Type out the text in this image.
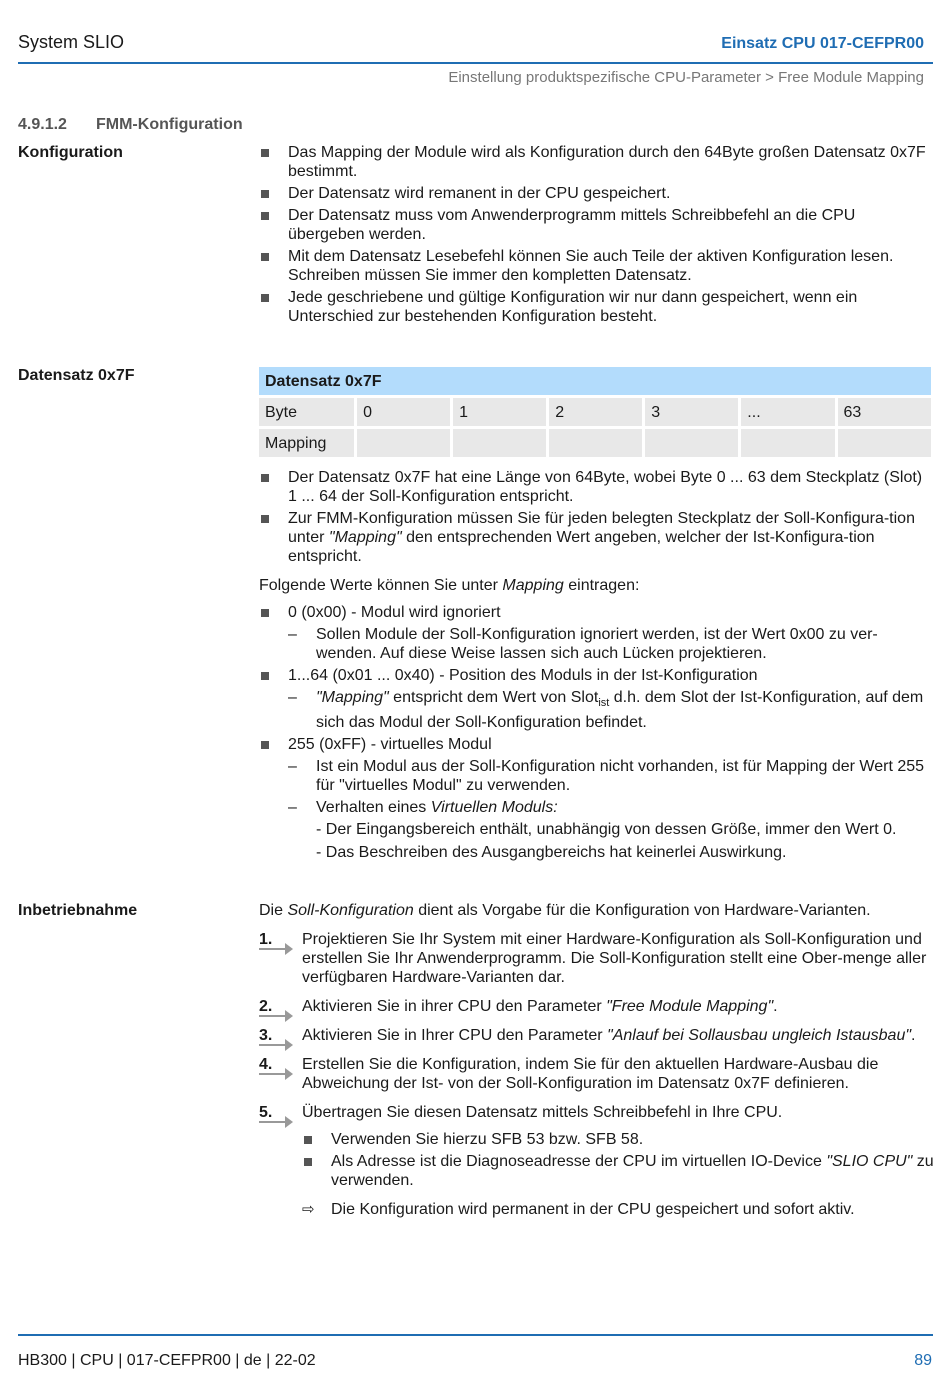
System SLIO	Einsatz CPU 017-CEFPR00
Einstellung produktspezifische CPU-Parameter > Free Module Mapping
4.9.1.2 FMM-Konfiguration
Konfiguration	Das Mapping der Module wird als Konfiguration durch den 64Byte großen Datensatz 0x7F bestimmt.
Der Datensatz wird remanent in der CPU gespeichert.
Der Datensatz muss vom Anwenderprogramm mittels Schreibbefehl an die CPU übergeben werden.
Mit dem Datensatz Lesebefehl können Sie auch Teile der aktiven Konfiguration lesen. Schreiben müssen Sie immer den kompletten Datensatz.
Jede geschriebene und gültige Konfiguration wir nur dann gespeichert, wenn ein Unterschied zur bestehenden Konfiguration besteht.
Datensatz 0x7F	Datensatz 0x7F						
Byte	0	1	2	3	...	63
Mapping						
Der Datensatz 0x7F hat eine Länge von 64Byte, wobei Byte 0 ... 63 dem Steckplatz (Slot) 1 ... 64 der Soll-Konfiguration entspricht.
Zur FMM-Konfiguration müssen Sie für jeden belegten Steckplatz der Soll-Konfigura-tion unter "Mapping" den entsprechenden Wert angeben, welcher der Ist-Konfigura-tion entspricht.
Folgende Werte können Sie unter Mapping eintragen:
0 (0x00) - Modul wird ignoriert
– Sollen Module der Soll-Konfiguration ignoriert werden, ist der Wert 0x00 zu ver-wenden. Auf diese Weise lassen sich auch Lücken projektieren.
1...64 (0x01 ... 0x40) - Position des Moduls in der Ist-Konfiguration
– "Mapping" entspricht dem Wert von Slot$_{ist}$ d.h. dem Slot der Ist-Konfiguration, auf dem sich das Modul der Soll-Konfiguration befindet.
255 (0xFF) - virtuelles Modul
– Ist ein Modul aus der Soll-Konfiguration nicht vorhanden, ist für Mapping der Wert 255 für "virtuelles Modul" zu verwenden.
– Verhalten eines Virtuellen Moduls:
- Der Eingangsbereich enthält, unabhängig von dessen Größe, immer den Wert 0.
- Das Beschreiben des Ausgangbereichs hat keinerlei Auswirkung.
Inbetriebnahme	Die Soll-Konfiguration dient als Vorgabe für die Konfiguration von Hardware-Varianten.
1.	Projektieren Sie Ihr System mit einer Hardware-Konfiguration als Soll-Konfiguration und erstellen Sie Ihr Anwenderprogramm. Die Soll-Konfiguration stellt eine Ober-menge aller verfügbaren Hardware-Varianten dar.
2.	Aktivieren Sie in ihrer CPU den Parameter "Free Module Mapping".
3.	Aktivieren Sie in Ihrer CPU den Parameter "Anlauf bei Sollausbau ungleich Istausbau".
4.	Erstellen Sie die Konfiguration, indem Sie für den aktuellen Hardware-Ausbau die Abweichung der Ist- von der Soll-Konfiguration im Datensatz 0x7F definieren.
5.	Übertragen Sie diesen Datensatz mittels Schreibbefehl in Ihre CPU.
Verwenden Sie hierzu SFB 53 bzw. SFB 58.
Als Adresse ist die Diagnoseadresse der CPU im virtuellen IO-Device "SLIO CPU" zu verwenden.
⇨ Die Konfiguration wird permanent in der CPU gespeichert und sofort aktiv.
HB300 | CPU | 017-CEFPR00 | de | 22-02	89
